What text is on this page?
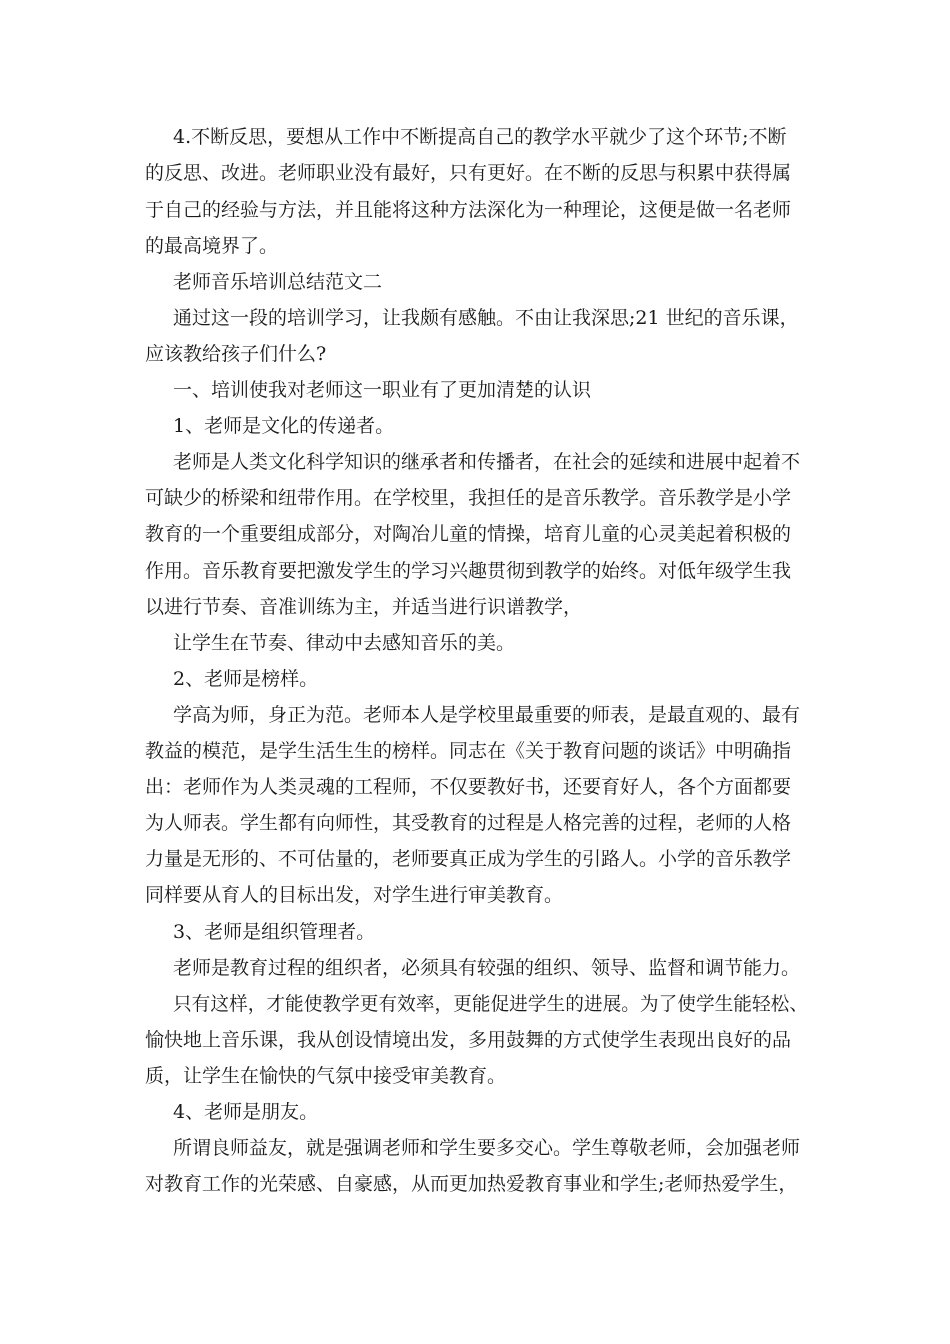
4.不断反思，要想从工作中不断提高自己的教学水平就少了这个环节;不断
的反思、改进。老师职业没有最好，只有更好。在不断的反思与积累中获得属
于自己的经验与方法，并且能将这种方法深化为一种理论，这便是做一名老师
的最高境界了。
老师音乐培训总结范文二
通过这一段的培训学习，让我颇有感触。不由让我深思;21 世纪的音乐课，
应该教给孩子们什么?
一、培训使我对老师这一职业有了更加清楚的认识
1、老师是文化的传递者。
老师是人类文化科学知识的继承者和传播者，在社会的延续和进展中起着不
可缺少的桥梁和纽带作用。在学校里，我担任的是音乐教学。音乐教学是小学
教育的一个重要组成部分，对陶冶儿童的情操，培育儿童的心灵美起着积极的
作用。音乐教育要把激发学生的学习兴趣贯彻到教学的始终。对低年级学生我
以进行节奏、音准训练为主，并适当进行识谱教学，
让学生在节奏、律动中去感知音乐的美。
2、老师是榜样。
学高为师，身正为范。老师本人是学校里最重要的师表，是最直观的、最有
教益的模范，是学生活生生的榜样。同志在《关于教育问题的谈话》中明确指
出：老师作为人类灵魂的工程师，不仅要教好书，还要育好人，各个方面都要
为人师表。学生都有向师性，其受教育的过程是人格完善的过程，老师的人格
力量是无形的、不可估量的，老师要真正成为学生的引路人。小学的音乐教学
同样要从育人的目标出发，对学生进行审美教育。
3、老师是组织管理者。
老师是教育过程的组织者，必须具有较强的组织、领导、监督和调节能力。
只有这样，才能使教学更有效率，更能促进学生的进展。为了使学生能轻松、
愉快地上音乐课，我从创设情境出发，多用鼓舞的方式使学生表现出良好的品
质，让学生在愉快的气氛中接受审美教育。
4、老师是朋友。
所谓良师益友，就是强调老师和学生要多交心。学生尊敬老师，会加强老师
对教育工作的光荣感、自豪感，从而更加热爱教育事业和学生;老师热爱学生，
